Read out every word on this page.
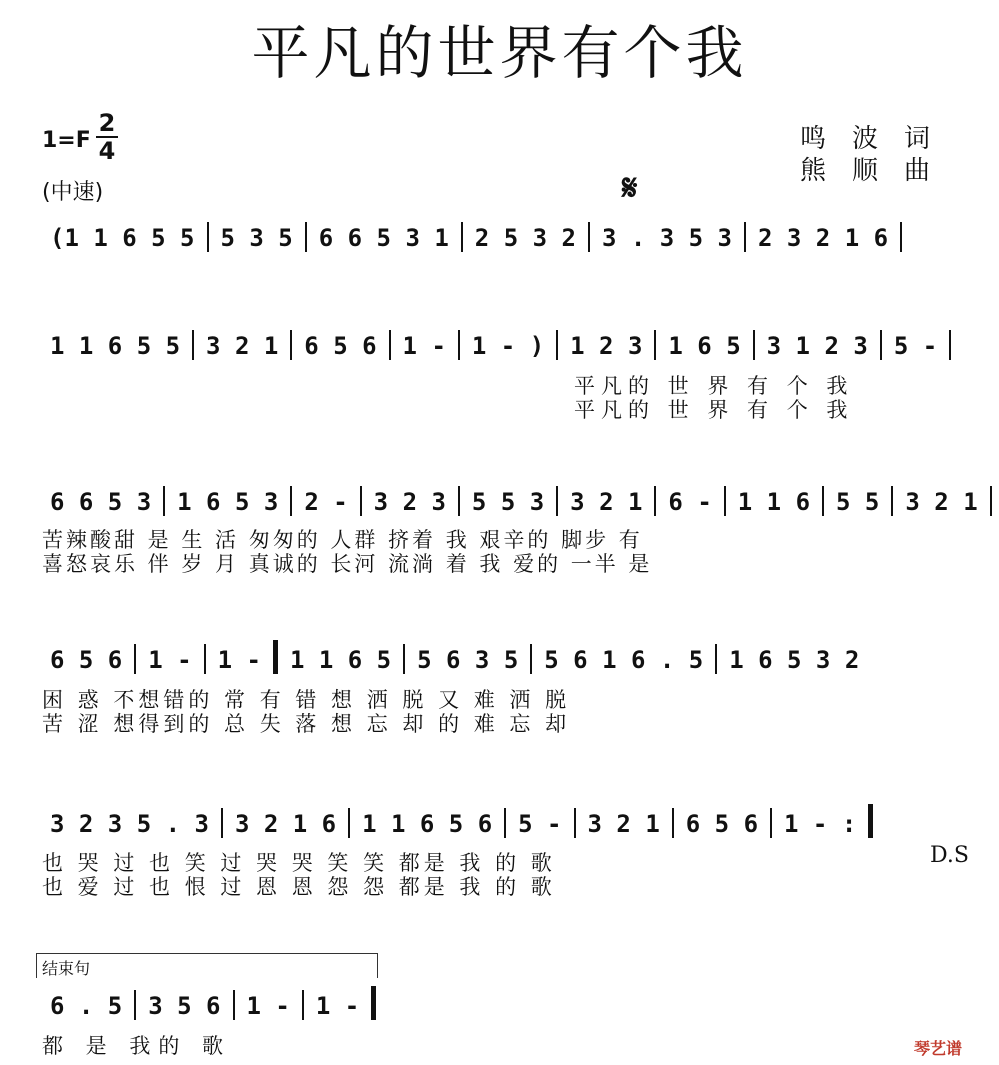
平凡的世界有个我
1=F
2
4
(中速)
鸣波词
熊顺曲
𝄋
(1 1 6 5 5	5 3 5	6 6 5 3 1	2 5 3 2	3 . 3 5 3	2 3 2 1 6
1 1 6 5 5	3 2 1	6 5 6	1 -	1 - )	1 2 3	1 6 5	3 1 2 3	5 -
平凡的 世 界 有 个 我
平凡的 世 界 有 个 我
6 6 5 3	1 6 5 3	2 -	3 2 3	5 5 3	3 2 1	6 -	1 1 6	5 5	3 2 1
苦辣酸甜 是 生 活 匆匆的 人群 挤着 我 艰辛的 脚步 有
喜怒哀乐 伴 岁 月 真诚的 长河 流淌 着 我 爱的 一半 是
6 5 6	1 -	1 -	1 1 6 5	5 6 3 5	5 6 1 6 . 5	1 6 5 3 2
困 惑 不想错的 常 有 错 想 洒 脱 又 难 洒 脱
苦 涩 想得到的 总 失 落 想 忘 却 的 难 忘 却
3 2 3 5 . 3	3 2 1 6	1 1 6 5 6	5 -	3 2 1	6 5 6	1 - :
也 哭 过 也 笑 过 哭 哭 笑 笑 都是 我 的 歌
也 爱 过 也 恨 过 恩 恩 怨 怨 都是 我 的 歌
D.S
结束句
6 . 5	3 5 6	1 -	1 -
都 是 我的 歌	琴艺谱
